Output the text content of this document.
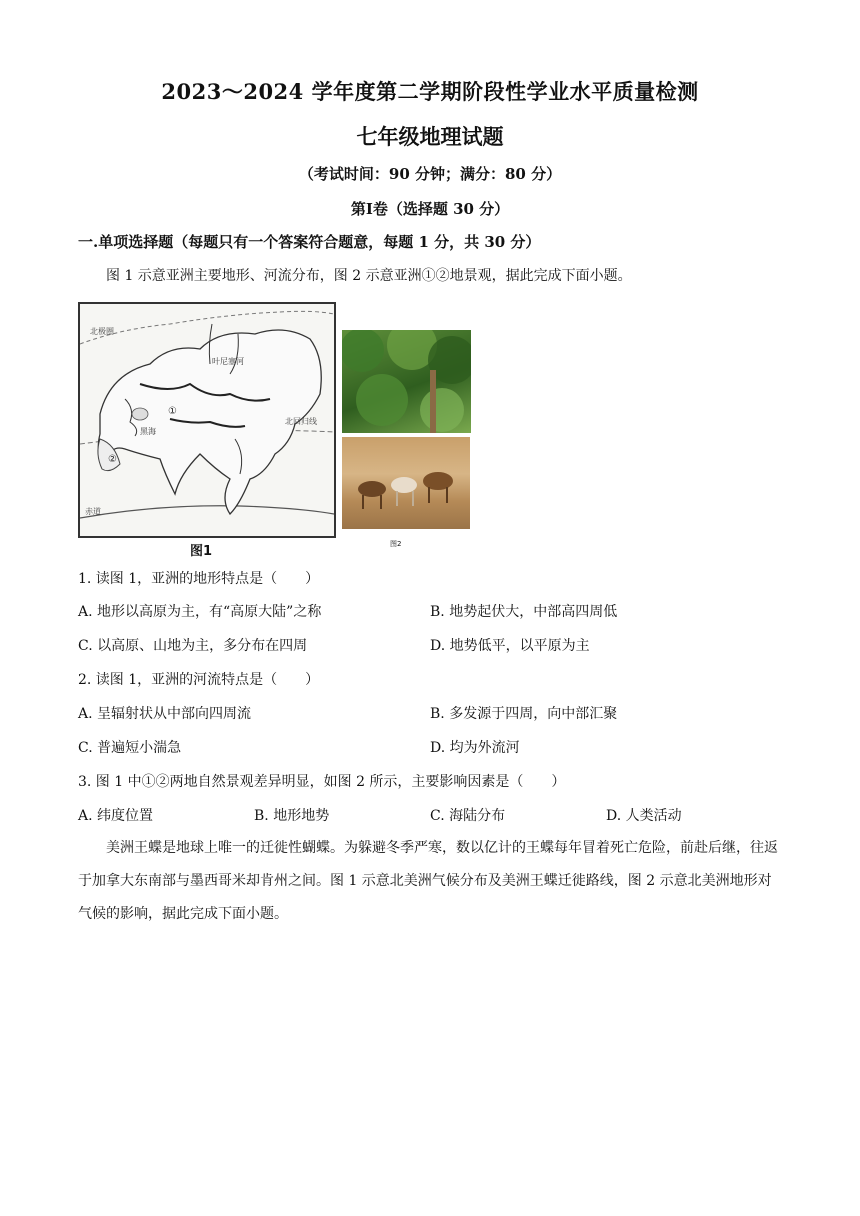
2023～2024 学年度第二学期阶段性学业水平质量检测
七年级地理试题
（考试时间：90 分钟；满分：80 分）
第Ⅰ卷（选择题 30 分）
一.单项选择题（每题只有一个答案符合题意，每题 1 分，共 30 分）
图 1 示意亚洲主要地形、河流分布，图 2 示意亚洲①②地景观，据此完成下面小题。
北极圈
叶尼塞河
黑海
北回归线
赤道
①
②
图1	图2
1. 读图 1，亚洲的地形特点是（　　）
A. 地形以高原为主，有“高原大陆”之称	B. 地势起伏大，中部高四周低
C. 以高原、山地为主，多分布在四周	D. 地势低平，以平原为主
2. 读图 1，亚洲的河流特点是（　　）
A. 呈辐射状从中部向四周流	B. 多发源于四周，向中部汇聚
C. 普遍短小湍急	D. 均为外流河
3. 图 1 中①②两地自然景观差异明显，如图 2 所示，主要影响因素是（　　）
A. 纬度位置	B. 地形地势	C. 海陆分布	D. 人类活动
美洲王蝶是地球上唯一的迁徙性蝴蝶。为躲避冬季严寒，数以亿计的王蝶每年冒着死亡危险，前赴后继，往返于加拿大东南部与墨西哥米却肯州之间。图 1 示意北美洲气候分布及美洲王蝶迁徙路线，图 2 示意北美洲地形对气候的影响，据此完成下面小题。
